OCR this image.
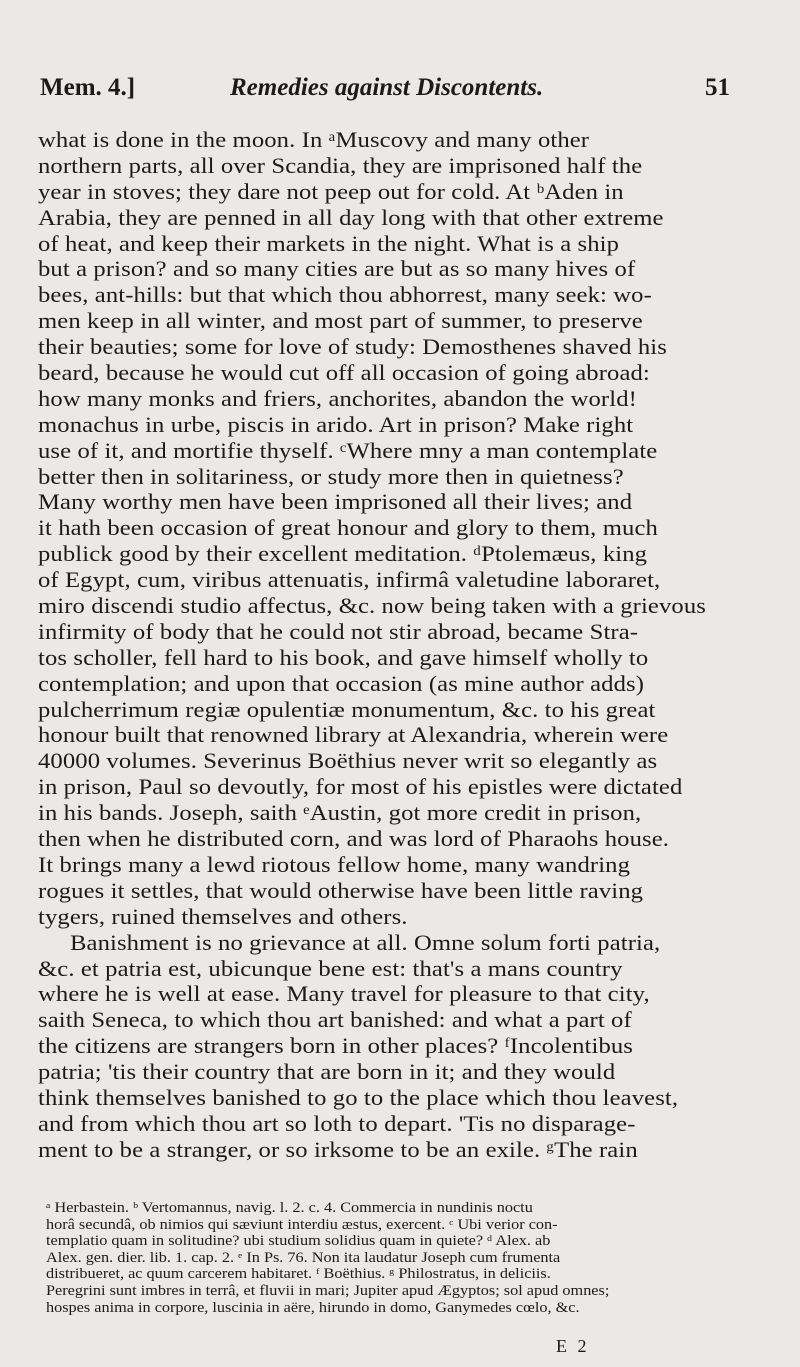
Mem. 4.]	Remedies against Discontents.	51
what is done in the moon. In ᵃMuscovy and many other
northern parts, all over Scandia, they are imprisoned half the
year in stoves; they dare not peep out for cold. At ᵇAden in
Arabia, they are penned in all day long with that other extreme
of heat, and keep their markets in the night. What is a ship
but a prison? and so many cities are but as so many hives of
bees, ant-hills: but that which thou abhorrest, many seek: wo-
men keep in all winter, and most part of summer, to preserve
their beauties; some for love of study: Demosthenes shaved his
beard, because he would cut off all occasion of going abroad:
how many monks and friers, anchorites, abandon the world!
monachus in urbe, piscis in arido. Art in prison? Make right
use of it, and mortifie thyself. ᶜWhere mny a man contemplate
better then in solitariness, or study more then in quietness?
Many worthy men have been imprisoned all their lives; and
it hath been occasion of great honour and glory to them, much
publick good by their excellent meditation. ᵈPtolemæus, king
of Egypt, cum, viribus attenuatis, infirmâ valetudine laboraret,
miro discendi studio affectus, &c. now being taken with a grievous
infirmity of body that he could not stir abroad, became Stra-
tos scholler, fell hard to his book, and gave himself wholly to
contemplation; and upon that occasion (as mine author adds)
pulcherrimum regiæ opulentiæ monumentum, &c. to his great
honour built that renowned library at Alexandria, wherein were
40000 volumes. Severinus Boëthius never writ so elegantly as
in prison, Paul so devoutly, for most of his epistles were dictated
in his bands. Joseph, saith ᵉAustin, got more credit in prison,
then when he distributed corn, and was lord of Pharaohs house.
It brings many a lewd riotous fellow home, many wandring
rogues it settles, that would otherwise have been little raving
tygers, ruined themselves and others.
Banishment is no grievance at all. Omne solum forti patria,
&c. et patria est, ubicunque bene est: that's a mans country
where he is well at ease. Many travel for pleasure to that city,
saith Seneca, to which thou art banished: and what a part of
the citizens are strangers born in other places? ᶠIncolentibus
patria; 'tis their country that are born in it; and they would
think themselves banished to go to the place which thou leavest,
and from which thou art so loth to depart. 'Tis no disparage-
ment to be a stranger, or so irksome to be an exile. ᵍThe rain
ᵃ Herbastein. ᵇ Vertomannus, navig. l. 2. c. 4. Commercia in nundinis noctu
horâ secundâ, ob nimios qui sæviunt interdiu æstus, exercent. ᶜ Ubi verior con-
templatio quam in solitudine? ubi studium solidius quam in quiete? ᵈ Alex. ab
Alex. gen. dier. lib. 1. cap. 2. ᵉ In Ps. 76. Non ita laudatur Joseph cum frumenta
distribueret, ac quum carcerem habitaret. ᶠ Boëthius. ᵍ Philostratus, in deliciis.
Peregrini sunt imbres in terrâ, et fluvii in mari; Jupiter apud Ægyptos; sol apud omnes;
hospes anima in corpore, luscinia in aëre, hirundo in domo, Ganymedes cœlo, &c.
E 2
